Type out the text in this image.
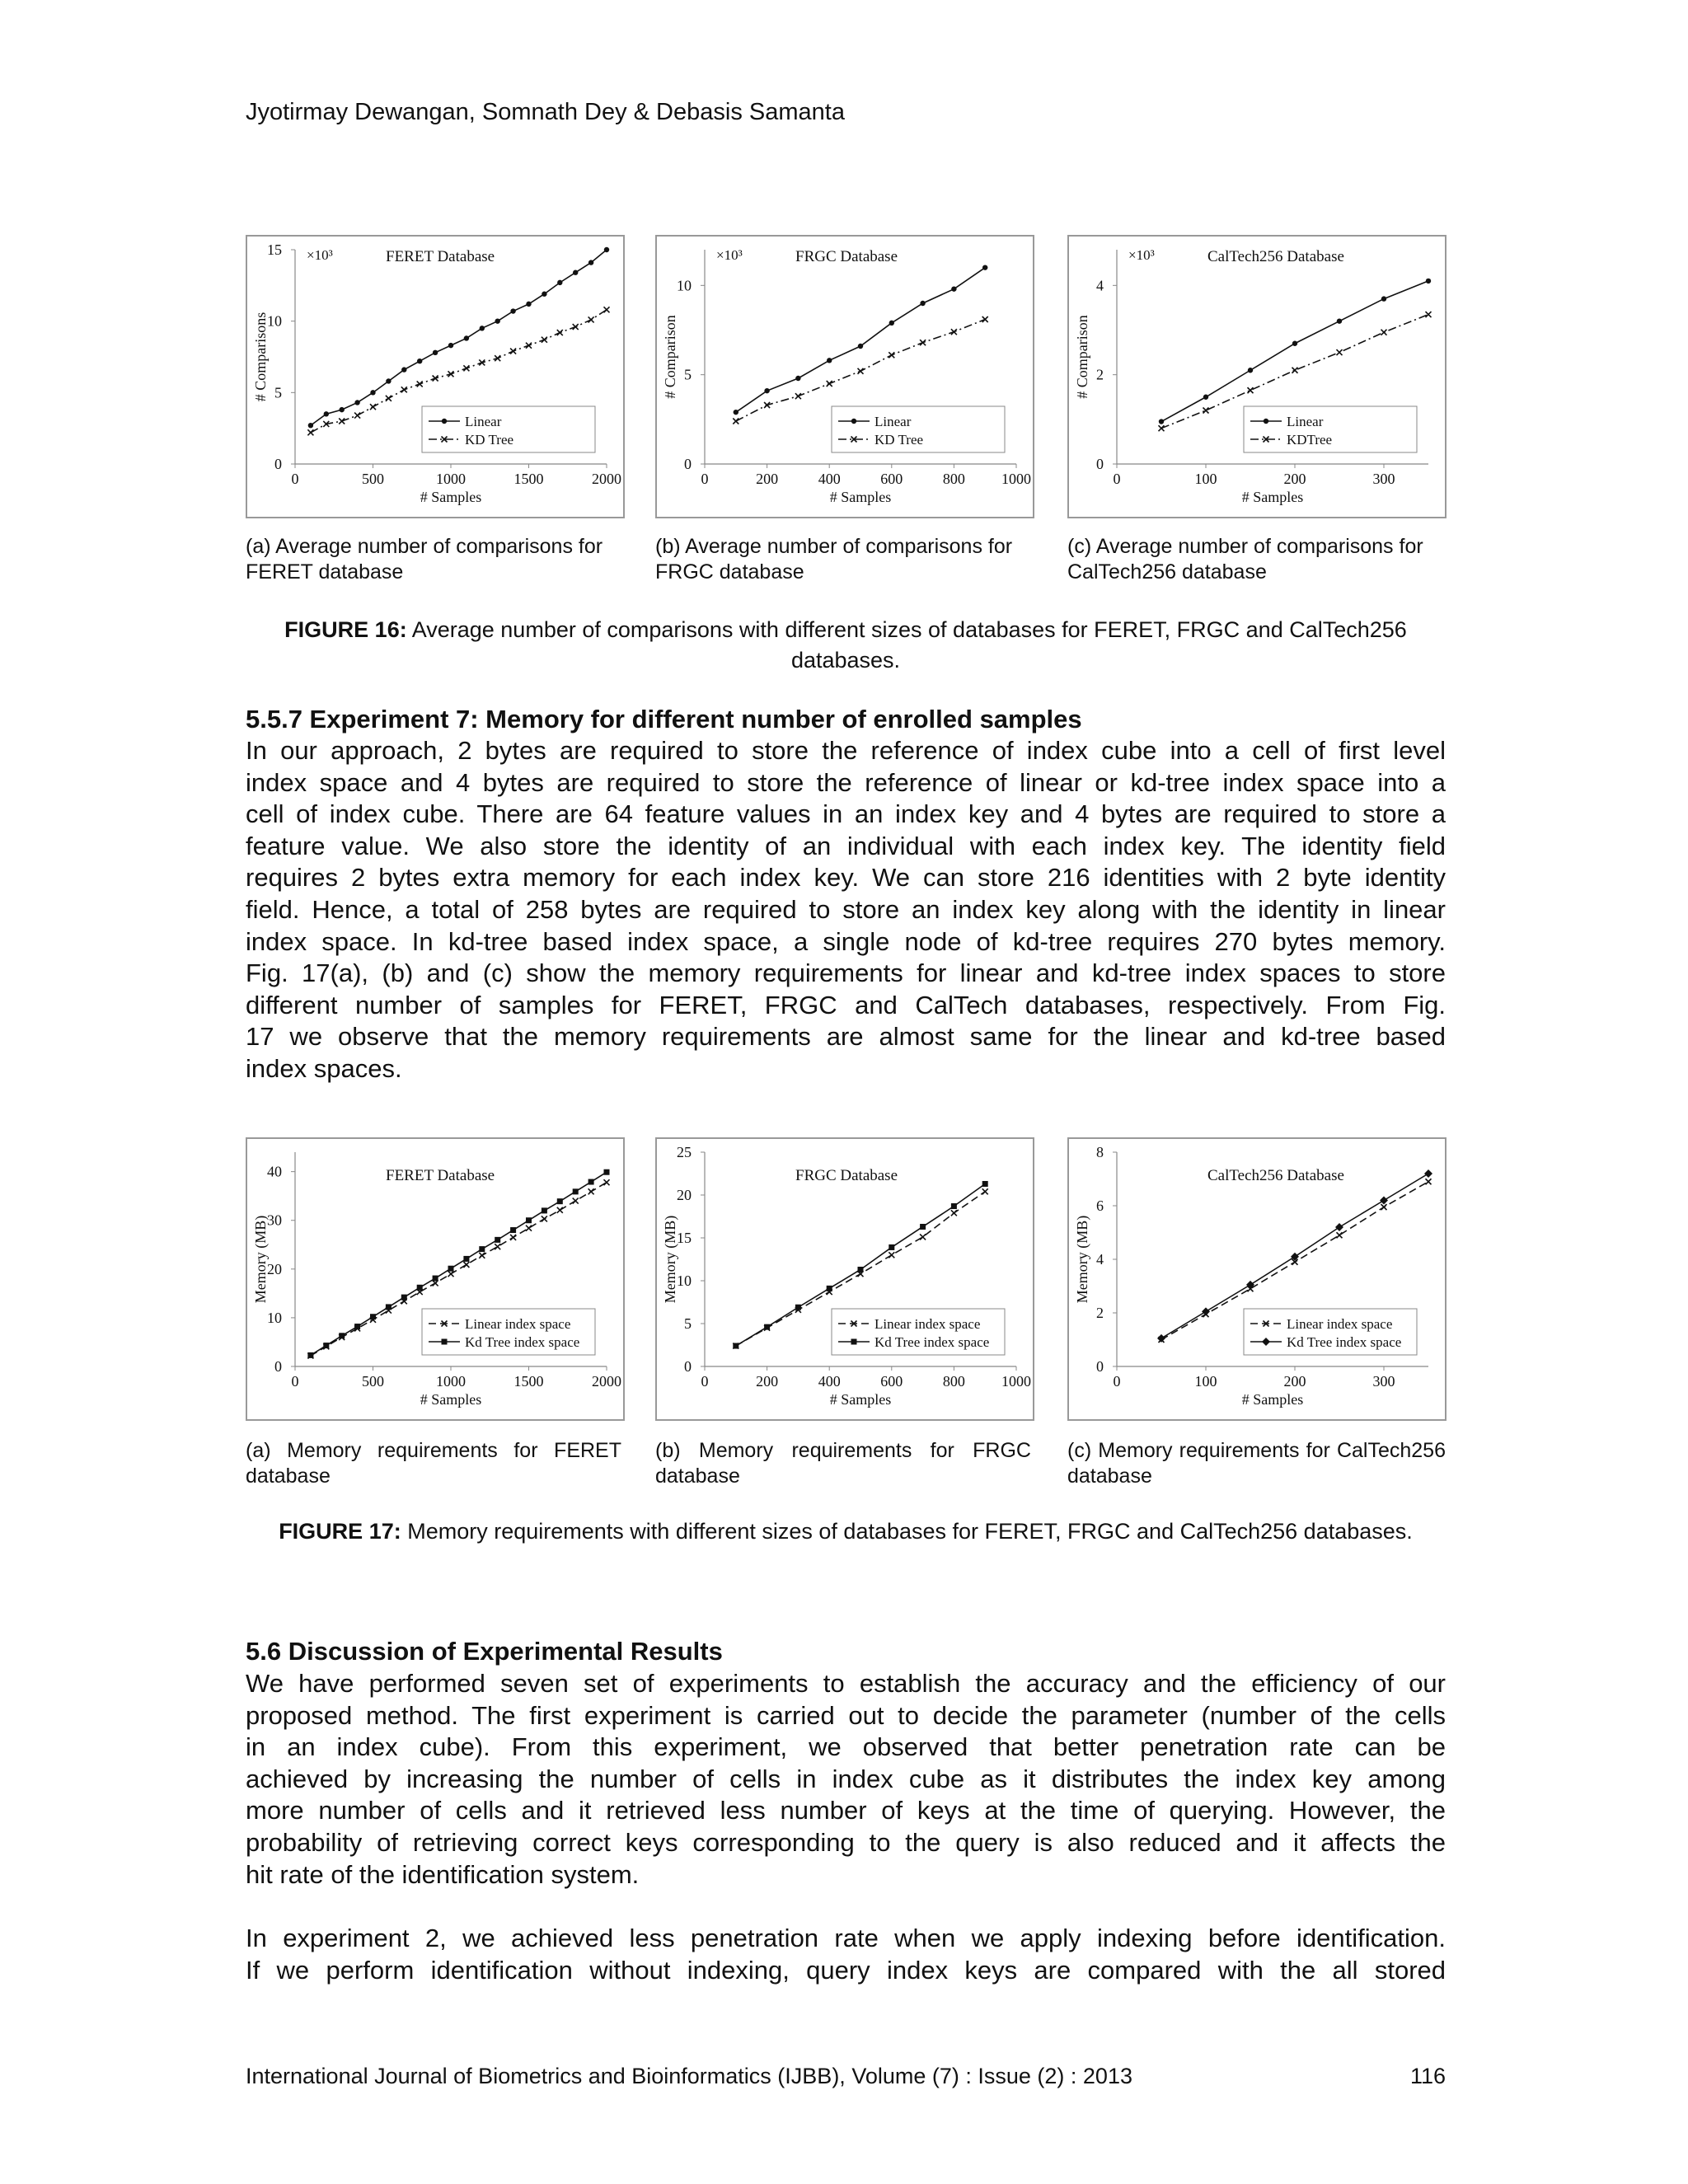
Jyotirmay Dewangan, Somnath Dey & Debasis Samanta
0	500	1000	1500	2000
0
5
10
15
# Samples
# Comparisons
×10³	FERET Database
Linear
KD Tree
0	200	400	600	800 1000
0
5
10
# Samples
# Comparison
×10³	FRGC Database
Linear
KD Tree
0	100	200	300
0
2
4
# Samples
# Comparison
×10³	CalTech256 Database
Linear
KDTree
(a) Average number of comparisons for FERET database
(b) Average number of comparisons for FRGC database
(c) Average number of comparisons for CalTech256 database
FIGURE 16: Average number of comparisons with different sizes of databases for FERET, FRGC and CalTech256 databases.
5.5.7 Experiment 7: Memory for different number of enrolled samples
In our approach, 2 bytes are required to store the reference of index cube into a cell of first level
index space and 4 bytes are required to store the reference of linear or kd-tree index space into a
cell of index cube. There are 64 feature values in an index key and 4 bytes are required to store a
feature value. We also store the identity of an individual with each index key. The identity field
requires 2 bytes extra memory for each index key. We can store 216 identities with 2 byte identity
field. Hence, a total of 258 bytes are required to store an index key along with the identity in linear
index space. In kd-tree based index space, a single node of kd-tree requires 270 bytes memory.
Fig. 17(a), (b) and (c) show the memory requirements for linear and kd-tree index spaces to store
different number of samples for FERET, FRGC and CalTech databases, respectively. From Fig.
17 we observe that the memory requirements are almost same for the linear and kd-tree based
index spaces.
0	500	1000	1500	2000
0
10
20
30
40
# Samples
Memory (MB)
FERET Database
Linear index space
Kd Tree index space
0	200	400	600	800 1000
0
5
10
15
20
25
# Samples
Memory (MB)
FRGC Database
Linear index space
Kd Tree index space
0	100	200	300
0
2
4
6
8
# Samples
Memory (MB)
CalTech256 Database
Linear index space
Kd Tree index space
(a) Memory requirements for FERET database
(b) Memory requirements for FRGC database
(c) Memory requirements for CalTech256 database
FIGURE 17: Memory requirements with different sizes of databases for FERET, FRGC and CalTech256 databases.
5.6 Discussion of Experimental Results
We have performed seven set of experiments to establish the accuracy and the efficiency of our
proposed method. The first experiment is carried out to decide the parameter (number of the cells
in an index cube). From this experiment, we observed that better penetration rate can be
achieved by increasing the number of cells in index cube as it distributes the index key among
more number of cells and it retrieved less number of keys at the time of querying. However, the
probability of retrieving correct keys corresponding to the query is also reduced and it affects the
hit rate of the identification system.
In experiment 2, we achieved less penetration rate when we apply indexing before identification.
If we perform identification without indexing, query index keys are compared with the all stored
International Journal of Biometrics and Bioinformatics (IJBB), Volume (7) : Issue (2) : 2013	116
